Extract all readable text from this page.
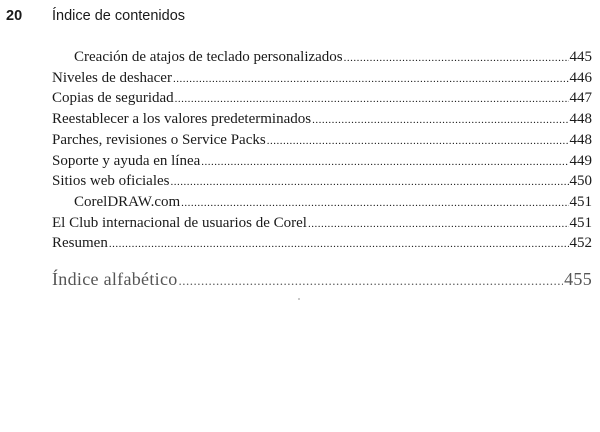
20	Índice de contenidos
Creación de atajos de teclado personalizados .....	445
Niveles de deshacer .....	446
Copias de seguridad .....	447
Reestablecer a los valores predeterminados .....	448
Parches, revisiones o Service Packs .....	448
Soporte y ayuda en línea .....	449
Sitios web oficiales .....	450
CorelDRAW.com .....	451
El Club internacional de usuarios de Corel .....	451
Resumen .....	452
Índice alfabético .....	455
